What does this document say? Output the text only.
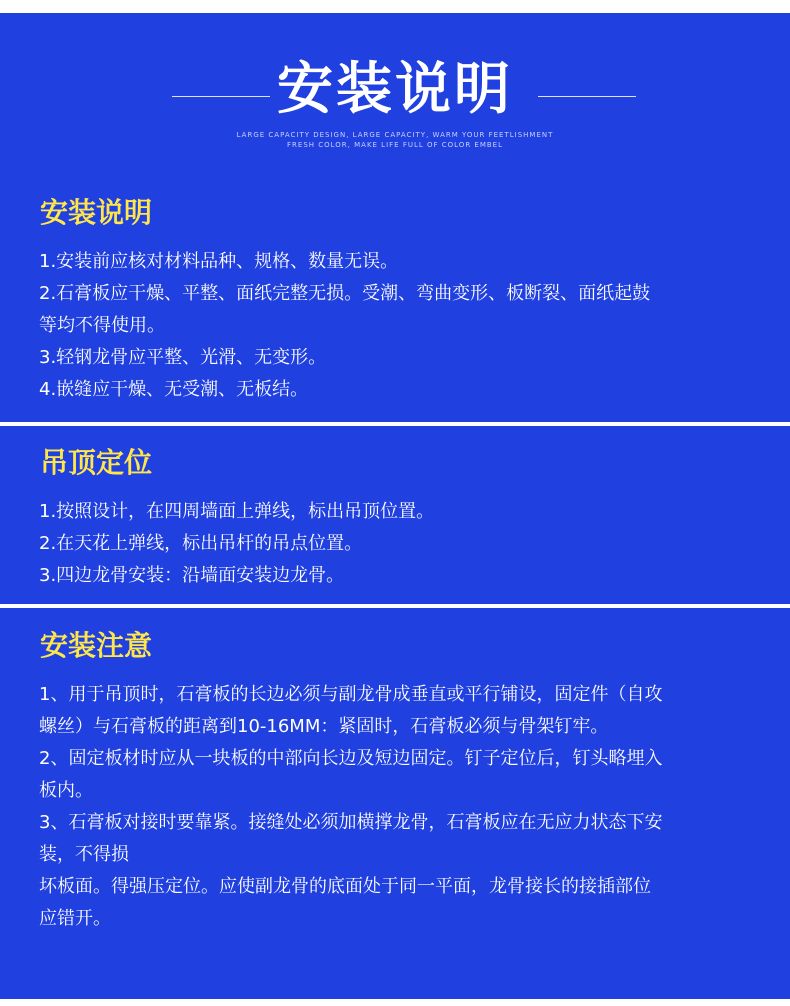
安装说明
LARGE CAPACITY DESIGN, LARGE CAPACITY, WARM YOUR FEETLISHMENT
FRESH COLOR, MAKE LIFE FULL OF COLOR EMBEL
安装说明

1.安装前应核对材料品种、规格、数量无误。

2.石膏板应干燥、平整、面纸完整无损。受潮、弯曲变形、板断裂、面纸起鼓

等均不得使用。

3.轻钢龙骨应平整、光滑、无变形。

4.嵌缝应干燥、无受潮、无板结。

吊顶定位

1.按照设计，在四周墙面上弹线，标出吊顶位置。

2.在天花上弹线，标出吊杆的吊点位置。

3.四边龙骨安装：沿墙面安装边龙骨。

安装注意

1、用于吊顶时，石膏板的长边必须与副龙骨成垂直或平行铺设，固定件（自攻

螺丝）与石膏板的距离到10-16MM：紧固时，石膏板必须与骨架钉牢。

2、固定板材时应从一块板的中部向长边及短边固定。钉子定位后，钉头略埋入

板内。

3、石膏板对接时要靠紧。接缝处必须加横撑龙骨，石膏板应在无应力状态下安

装，不得损

坏板面。得强压定位。应使副龙骨的底面处于同一平面，龙骨接长的接插部位

应错开。
